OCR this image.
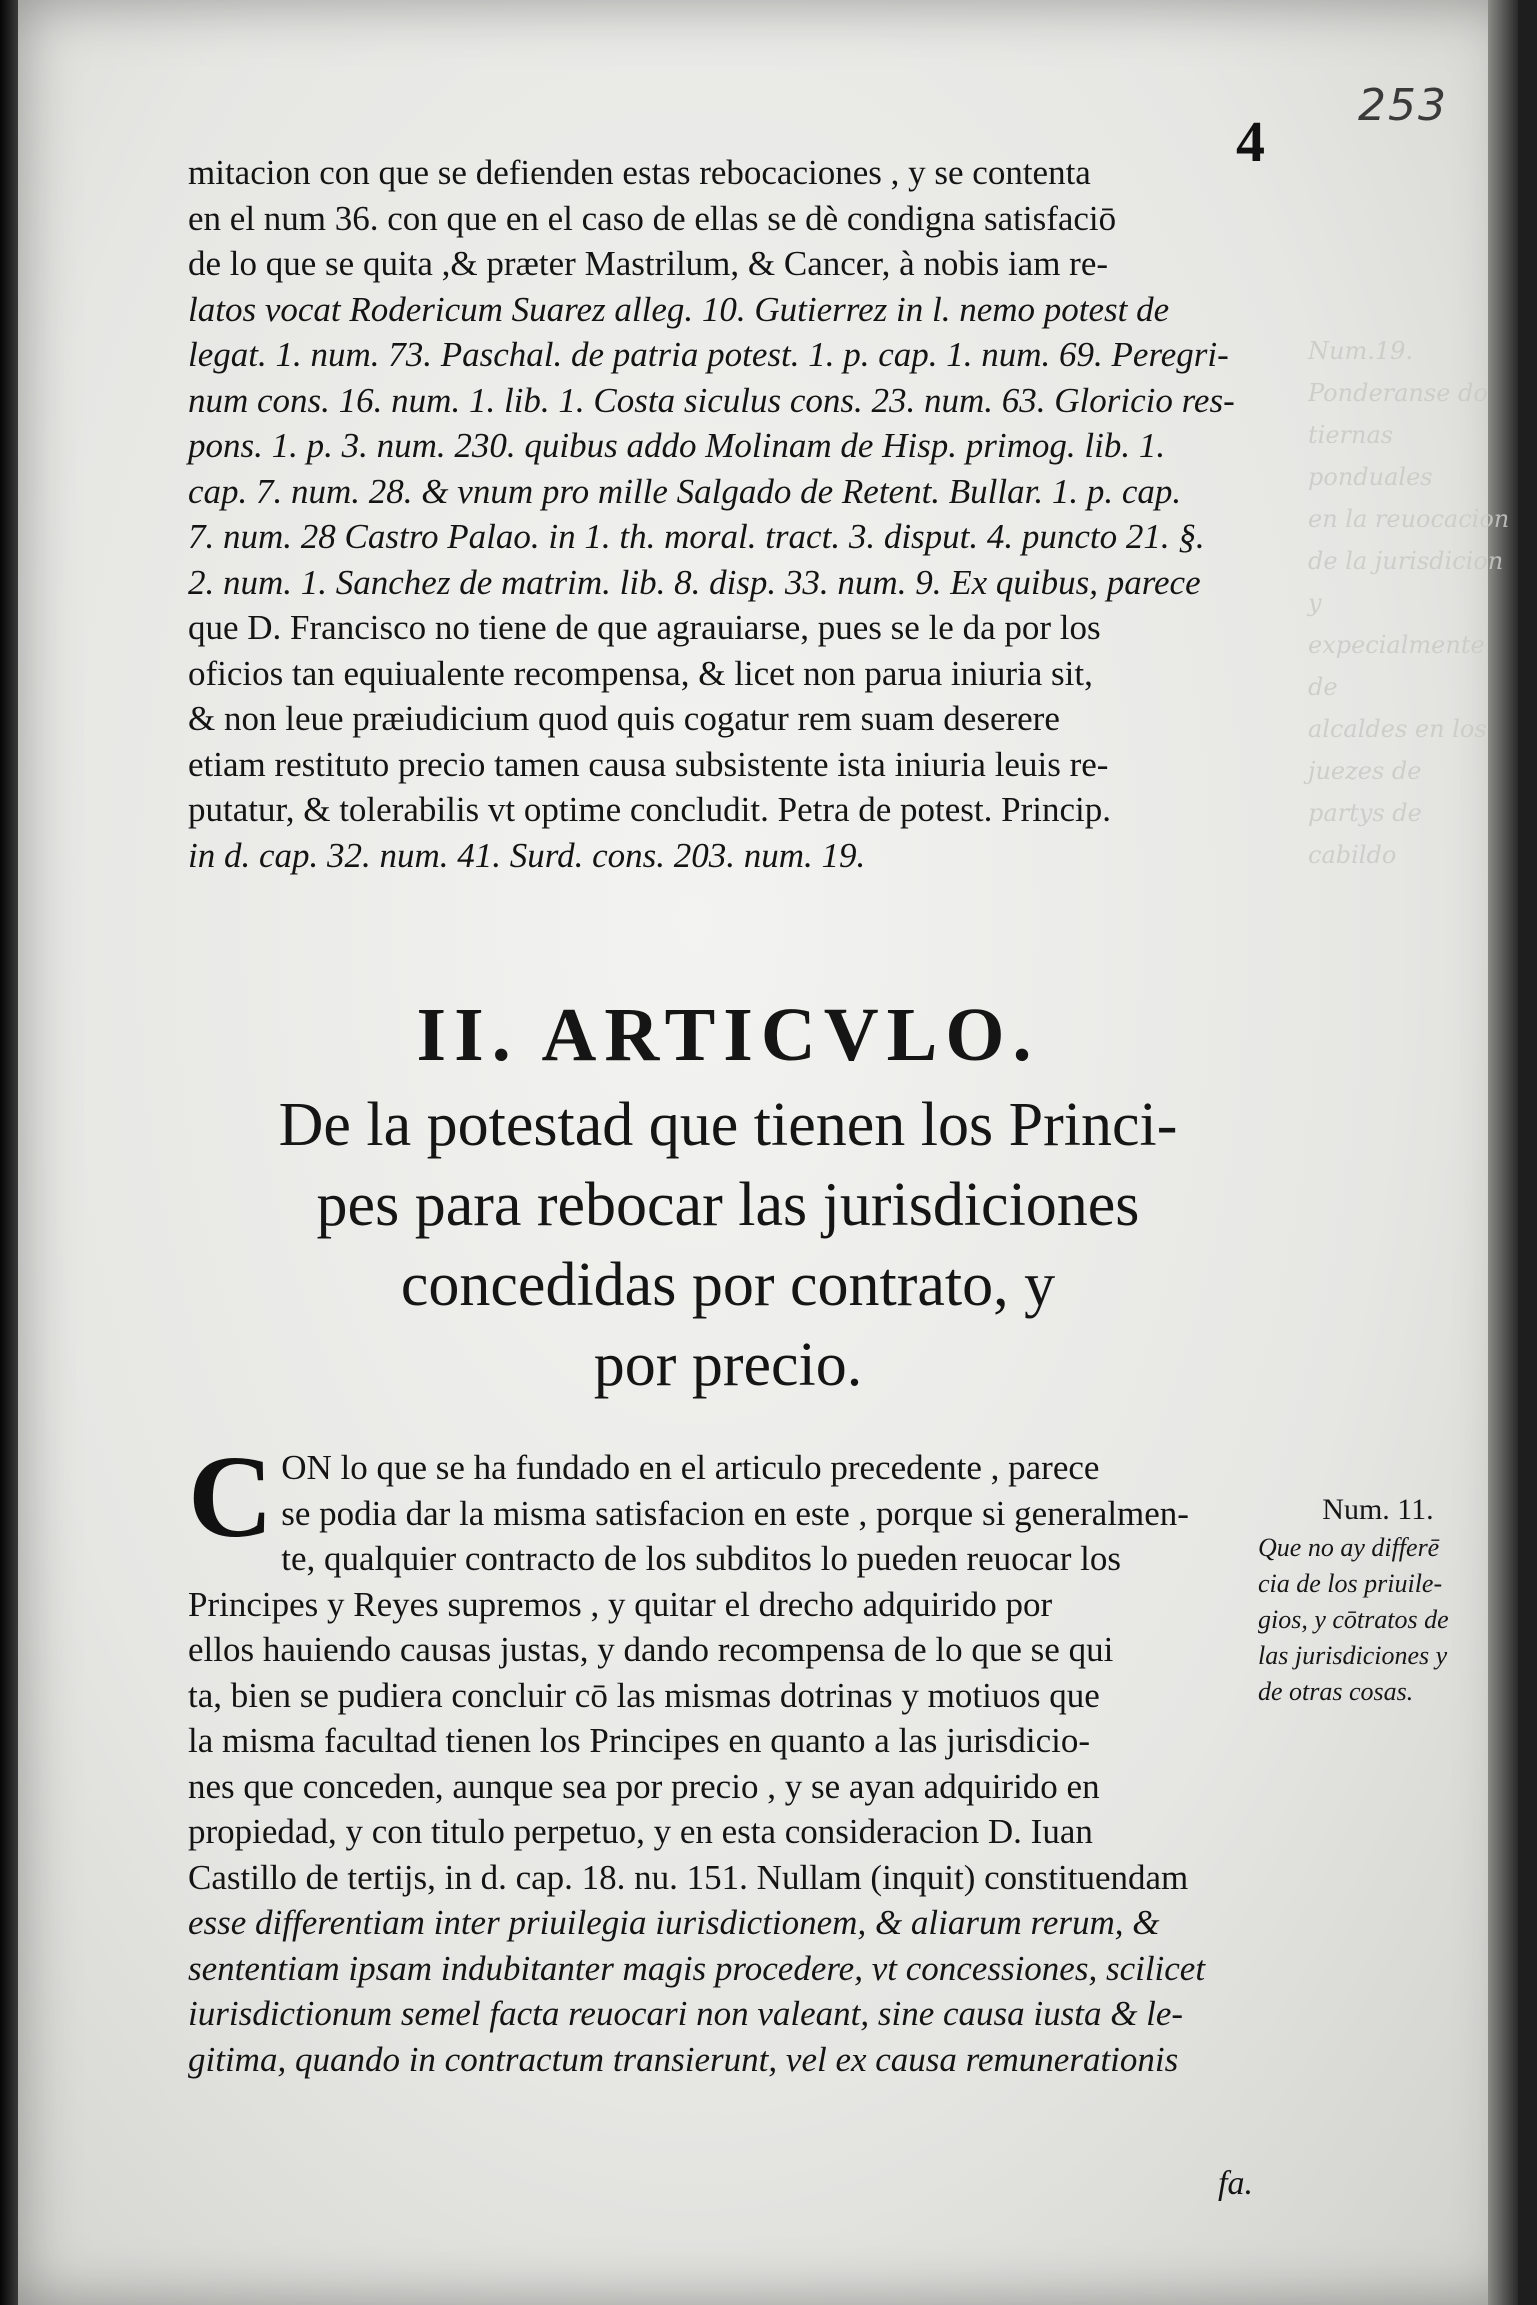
Num.19.
Ponderanse do
tiernas ponduales
en la reuocacion
de la jurisdicion y
expecialmente de
alcaldes en los
juezes de
partys de
cabildo
253
4
mitacion con que se defienden estas rebocaciones , y se contenta
en el num 36. con que en el caso de ellas se dè condigna satisfaciō
de lo que se quita ,& præter Mastrilum, & Cancer, à nobis iam re-
latos vocat Rodericum Suarez alleg. 10. Gutierrez in l. nemo potest de
legat. 1. num. 73. Paschal. de patria potest. 1. p. cap. 1. num. 69. Peregri-
num cons. 16. num. 1. lib. 1. Costa siculus cons. 23. num. 63. Gloricio res-
pons. 1. p. 3. num. 230. quibus addo Molinam de Hisp. primog. lib. 1.
cap. 7. num. 28. & vnum pro mille Salgado de Retent. Bullar. 1. p. cap.
7. num. 28 Castro Palao. in 1. th. moral. tract. 3. disput. 4. puncto 21. §.
2. num. 1. Sanchez de matrim. lib. 8. disp. 33. num. 9. Ex quibus, parece
que D. Francisco no tiene de que agrauiarse, pues se le da por los
oficios tan equiualente recompensa, & licet non parua iniuria sit,
& non leue præiudicium quod quis cogatur rem suam deserere
etiam restituto precio tamen causa subsistente ista iniuria leuis re-
putatur, & tolerabilis vt optime concludit. Petra de potest. Princip.
in d. cap. 32. num. 41. Surd. cons. 203. num. 19.
II. ARTICVLO.
De la potestad que tienen los Princi-
pes para rebocar las jurisdiciones
concedidas por contrato, y
por precio.
C ON lo que se ha fundado en el articulo precedente , parece
se podia dar la misma satisfacion en este , porque si generalmen-
te, qualquier contracto de los subditos lo pueden reuocar los
Principes y Reyes supremos , y quitar el drecho adquirido por
ellos hauiendo causas justas, y dando recompensa de lo que se qui
ta, bien se pudiera concluir cō las mismas dotrinas y motiuos que
la misma facultad tienen los Principes en quanto a las jurisdicio-
nes que conceden, aunque sea por precio , y se ayan adquirido en
propiedad, y con titulo perpetuo, y en esta consideracion D. Iuan
Castillo de tertijs, in d. cap. 18. nu. 151. Nullam (inquit) constituendam
esse differentiam inter priuilegia iurisdictionem, & aliarum rerum, &
sententiam ipsam indubitanter magis procedere, vt concessiones, scilicet
iurisdictionum semel facta reuocari non valeant, sine causa iusta & le-
gitima, quando in contractum transierunt, vel ex causa remunerationis
Num. 11.
Que no ay differē
cia de los priuile-
gios, y cōtratos de
las jurisdiciones y
de otras cosas.
fa.
